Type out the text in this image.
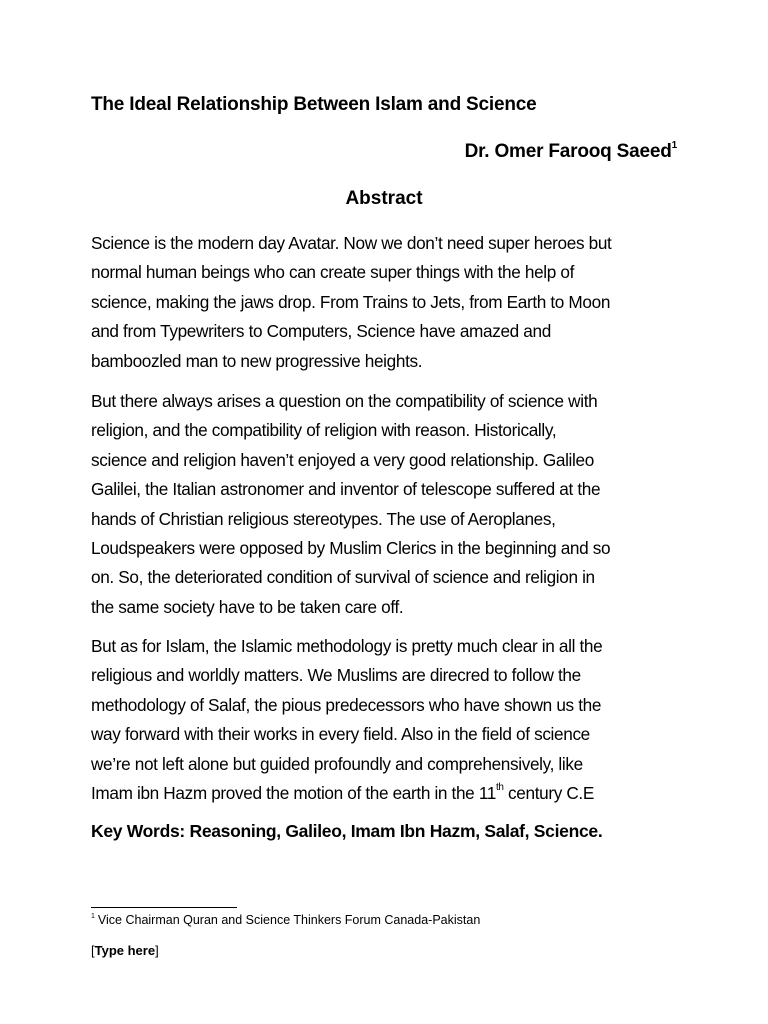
The Ideal Relationship Between Islam and Science
Dr. Omer Farooq Saeed$^1$
Abstract

Science is the modern day Avatar. Now we don’t need super heroes but
normal human beings who can create super things with the help of
science, making the jaws drop. From Trains to Jets, from Earth to Moon
and from Typewriters to Computers, Science have amazed and
bamboozled man to new progressive heights.

But there always arises a question on the compatibility of science with
religion, and the compatibility of religion with reason. Historically,
science and religion haven’t enjoyed a very good relationship. Galileo
Galilei, the Italian astronomer and inventor of telescope suffered at the
hands of Christian religious stereotypes. The use of Aeroplanes,
Loudspeakers were opposed by Muslim Clerics in the beginning and so
on. So, the deteriorated condition of survival of science and religion in
the same society have to be taken care off.

But as for Islam, the Islamic methodology is pretty much clear in all the
religious and worldly matters. We Muslims are direcred to follow the
methodology of Salaf, the pious predecessors who have shown us the
way forward with their works in every field. Also in the field of science
we’re not left alone but guided profoundly and comprehensively, like
Imam ibn Hazm proved the motion of the earth in the 11th century C.E

Key Words: Reasoning, Galileo, Imam Ibn Hazm, Salaf, Science.
$^1$ Vice Chairman Quran and Science Thinkers Forum Canada-Pakistan
[Type here]
